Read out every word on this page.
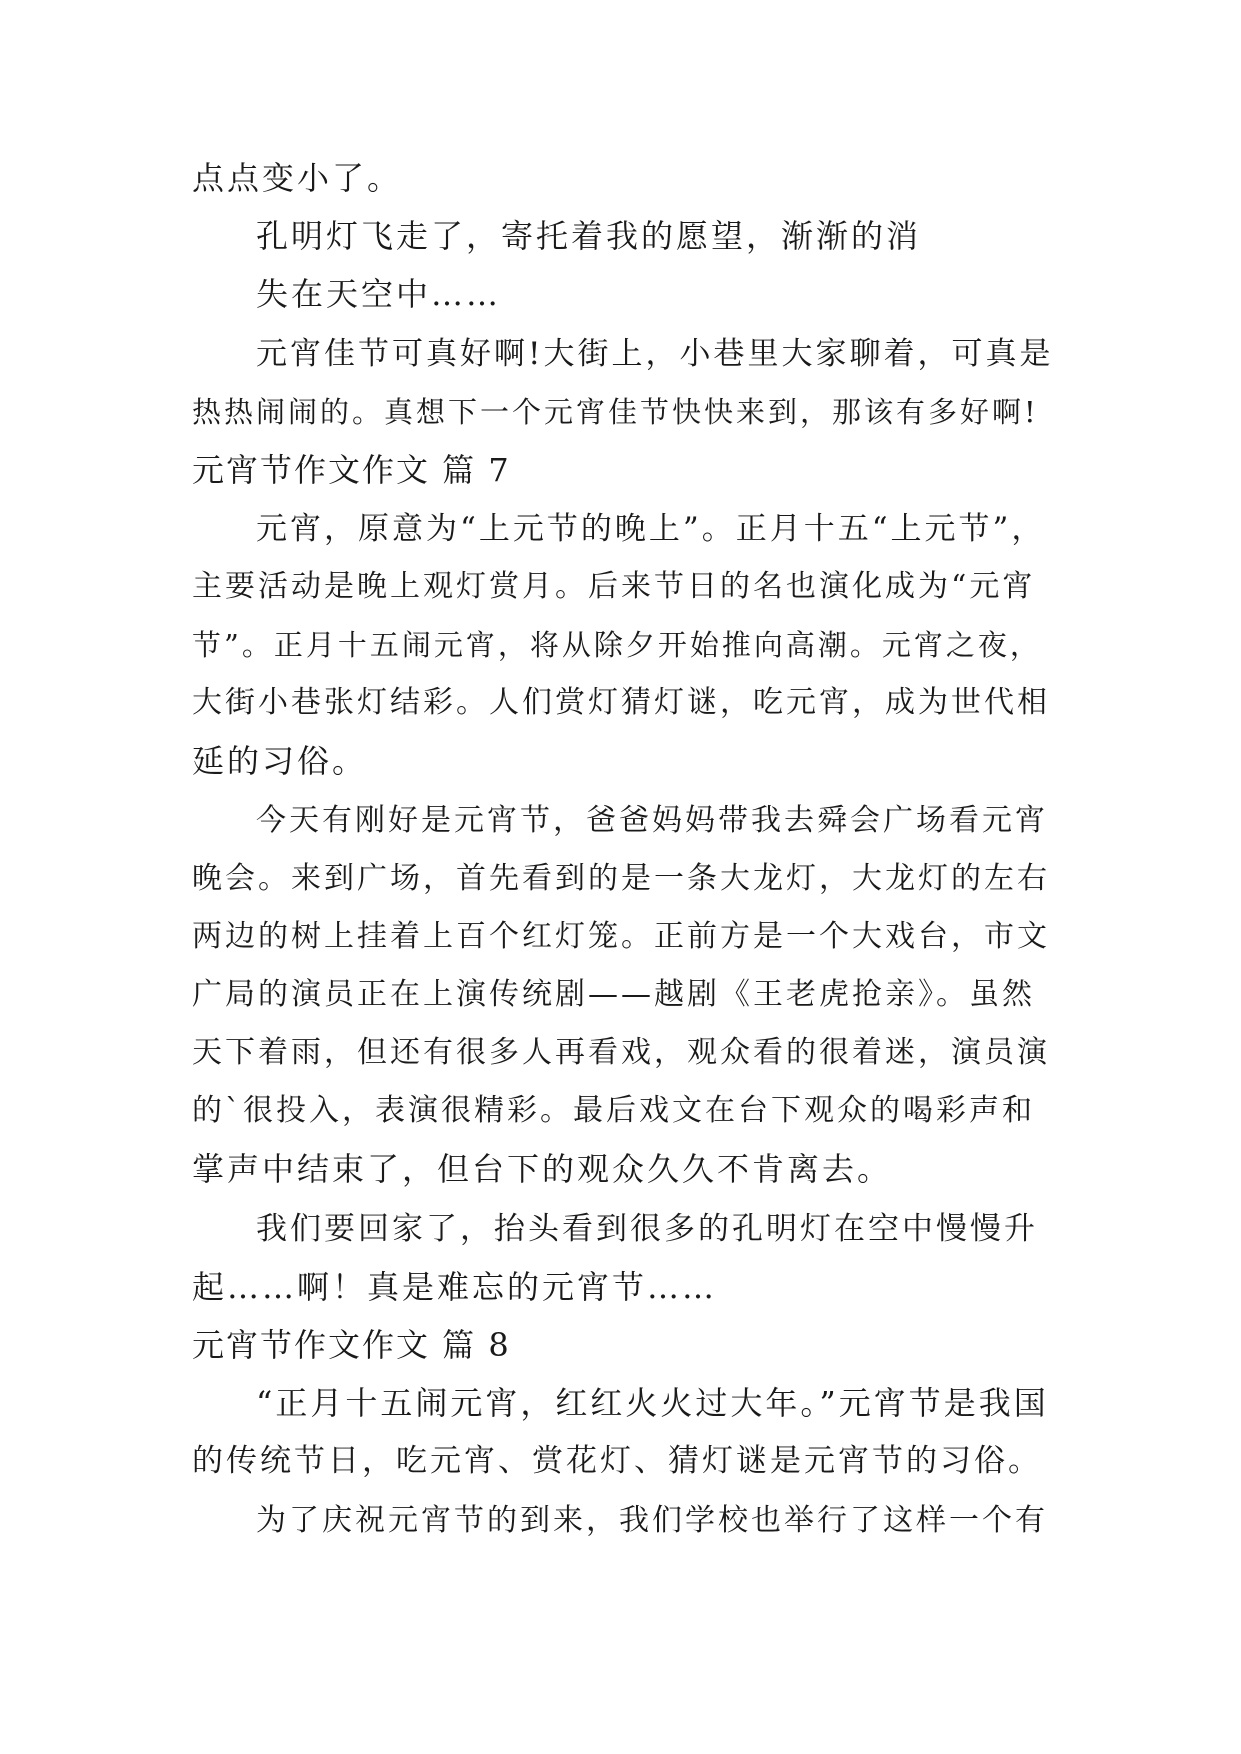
点点变小了。
孔明灯飞走了，寄托着我的愿望，渐渐的消
失在天空中……
元宵佳节可真好啊!大街上，小巷里大家聊着，可真是
热热闹闹的。真想下一个元宵佳节快快来到，那该有多好啊!
元宵节作文作文 篇 7
元宵，原意为“上元节的晚上”。正月十五“上元节”，
主要活动是晚上观灯赏月。后来节日的名也演化成为“元宵
节”。正月十五闹元宵，将从除夕开始推向高潮。元宵之夜，
大街小巷张灯结彩。人们赏灯猜灯谜，吃元宵，成为世代相
延的习俗。
今天有刚好是元宵节，爸爸妈妈带我去舜会广场看元宵
晚会。来到广场，首先看到的是一条大龙灯，大龙灯的左右
两边的树上挂着上百个红灯笼。正前方是一个大戏台，市文
广局的演员正在上演传统剧——越剧《王老虎抢亲》。虽然
天下着雨，但还有很多人再看戏，观众看的很着迷，演员演
的`很投入，表演很精彩。最后戏文在台下观众的喝彩声和
掌声中结束了，但台下的观众久久不肯离去。
我们要回家了，抬头看到很多的孔明灯在空中慢慢升
起……啊！真是难忘的元宵节……
元宵节作文作文 篇 8
“正月十五闹元宵，红红火火过大年。”元宵节是我国
的传统节日，吃元宵、赏花灯、猜灯谜是元宵节的习俗。
为了庆祝元宵节的到来，我们学校也举行了这样一个有
